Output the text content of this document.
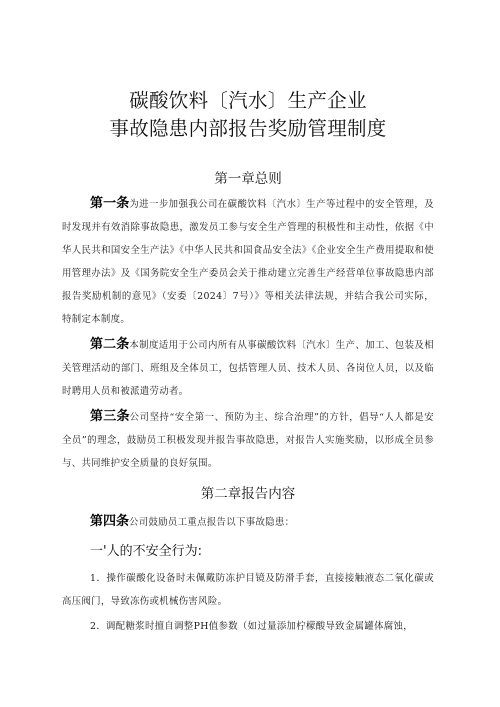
碳酸饮料〔汽水〕生产企业
事故隐患内部报告奖励管理制度
第一章总则

第一条为进一步加强我公司在碳酸饮料〔汽水〕生产等过程中的安全管理，及时发现并有效消除事故隐患，激发员工参与安全生产管理的积极性和主动性，依据《中华人民共和国安全生产法》《中华人民共和国食品安全法》《企业安全生产费用提取和使用管理办法》及《国务院安全生产委员会关于推动建立完善生产经营单位事故隐患内部报告奖励机制的意见》（安委〔2024〕7号）》等相关法律法规，并结合我公司实际，特制定本制度。

第二条本制度适用于公司内所有从事碳酸饮料〔汽水〕生产、加工、包装及相关管理活动的部门、班组及全体员工，包括管理人员、技术人员、各岗位人员，以及临时聘用人员和被派遣劳动者。

第三条公司坚持“安全第一、预防为主、综合治理”的方针，倡导“人人都是安全员”的理念，鼓励员工积极发现并报告事故隐患，对报告人实施奖励，以形成全员参与、共同维护安全质量的良好氛围。

第二章报告内容

第四条公司鼓励员工重点报告以下事故隐患：

一'人的不安全行为:

1．操作碳酸化设备时未佩戴防冻护目镜及防滑手套，直接接触液态二氧化碳或高压阀门，导致冻伤或机械伤害风险。

2．调配糖浆时擅自调整PH值参数（如过量添加柠檬酸导致金属罐体腐蚀，
